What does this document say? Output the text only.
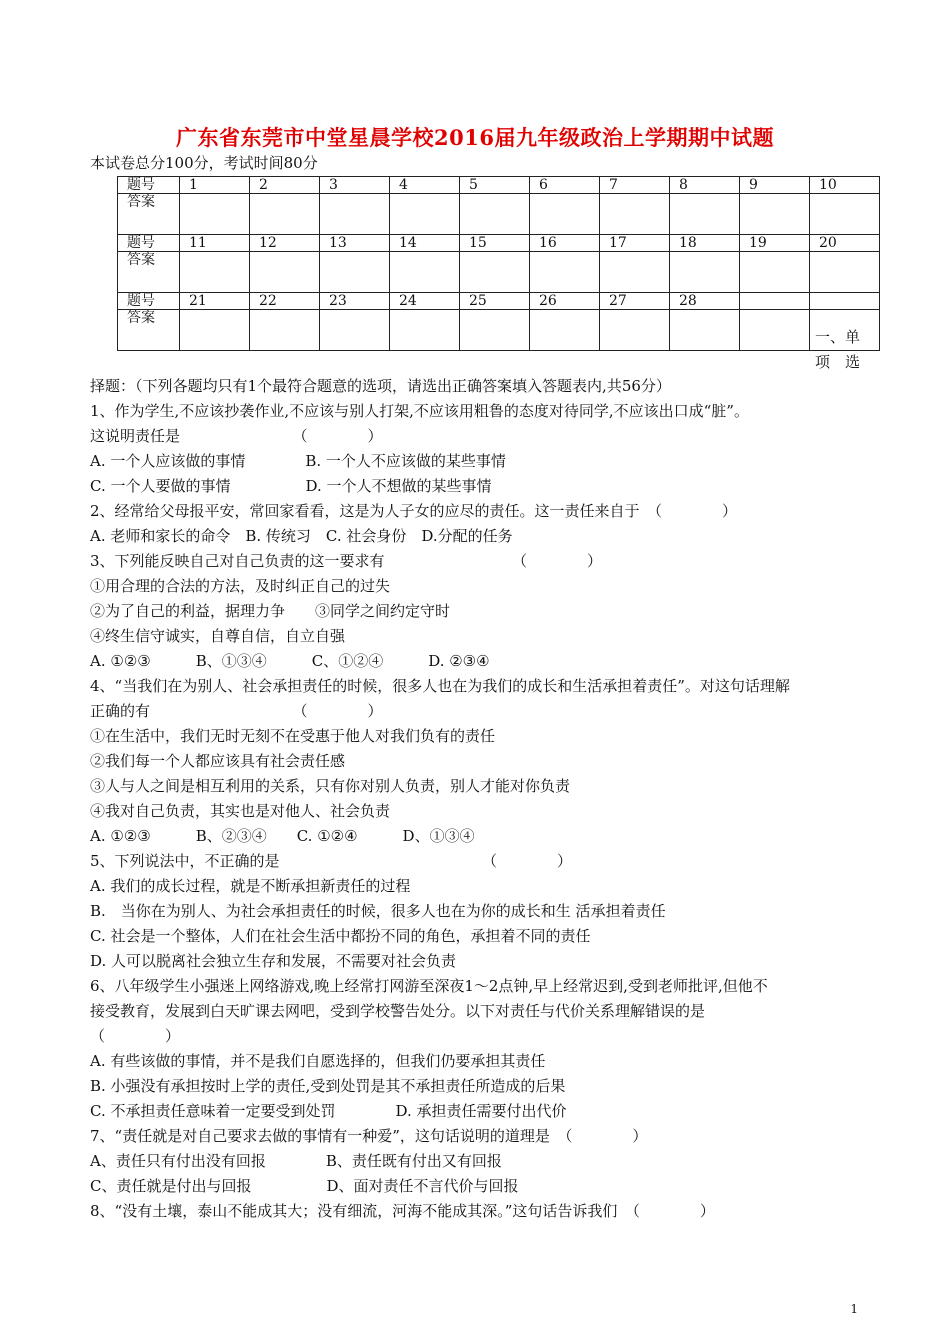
广东省东莞市中堂星晨学校2016届九年级政治上学期期中试题
本试卷总分100分，考试时间80分
题号	1	2	3	4	5	6	7	8	9	10
答案										
题号	11	12	13	14	15	16	17	18	19	20
答案										
题号	21	22	23	24	25	26	27	28		
答案										
一、单
项　选
择题：（下列各题均只有1个最符合题意的选项，请选出正确答案填入答题表内,共56分）
1、作为学生,不应该抄袭作业,不应该与别人打架,不应该用粗鲁的态度对待同学,不应该出口成“脏”。
这说明责任是　　　　　　　　（　　　　）
A. 一个人应该做的事情　　　　B. 一个人不应该做的某些事情
C. 一个人要做的事情　　　　　D. 一个人不想做的某些事情
2、经常给父母报平安，常回家看看，这是为人子女的应尽的责任。这一责任来自于　（　　　　）
A. 老师和家长的命令　B. 传统习　C. 社会身份　D.分配的任务
3、下列能反映自己对自己负责的这一要求有　　　　　　　　　（　　　　）
①用合理的合法的方法，及时纠正自己的过失
②为了自己的利益，据理力争　　③同学之间约定守时
④终生信守诚实，自尊自信，自立自强
A. ①②③　　　B、①③④　　　C、①②④　　　D. ②③④
4、“当我们在为别人、社会承担责任的时候，很多人也在为我们的成长和生活承担着责任”。对这句话理解
正确的有　　　　　　　　　　（　　　　）
①在生活中，我们无时无刻不在受惠于他人对我们负有的责任
②我们每一个人都应该具有社会责任感
③人与人之间是相互利用的关系，只有你对别人负责，别人才能对你负责
④我对自己负责，其实也是对他人、社会负责
A. ①②③　　　B、②③④　　C. ①②④　　　D、①③④
5、下列说法中，不正确的是　　　　　　　　　　　　　　（　　　　）
A. 我们的成长过程，就是不断承担新责任的过程
B.　当你在为别人、为社会承担责任的时候，很多人也在为你的成长和生 活承担着责任
C. 社会是一个整体，人们在社会生活中都扮不同的角色，承担着不同的责任
D. 人可以脱离社会独立生存和发展，不需要对社会负责
6、八年级学生小强迷上网络游戏,晚上经常打网游至深夜1～2点钟,早上经常迟到,受到老师批评,但他不
接受教育，发展到白天旷课去网吧，受到学校警告处分。以下对责任与代价关系理解错误的是
（　　　　）
A. 有些该做的事情，并不是我们自愿选择的，但我们仍要承担其责任
B. 小强没有承担按时上学的责任,受到处罚是其不承担责任所造成的后果
C. 不承担责任意味着一定要受到处罚　　　　D. 承担责任需要付出代价
7、“责任就是对自己要求去做的事情有一种爱”，这句话说明的道理是　（　　　　）
A、责任只有付出没有回报　　　　B、责任既有付出又有回报
C、责任就是付出与回报　　　　　D、面对责任不言代价与回报
8、“没有土壤，泰山不能成其大；没有细流，河海不能成其深。”这句话告诉我们　（　　　　）
1
